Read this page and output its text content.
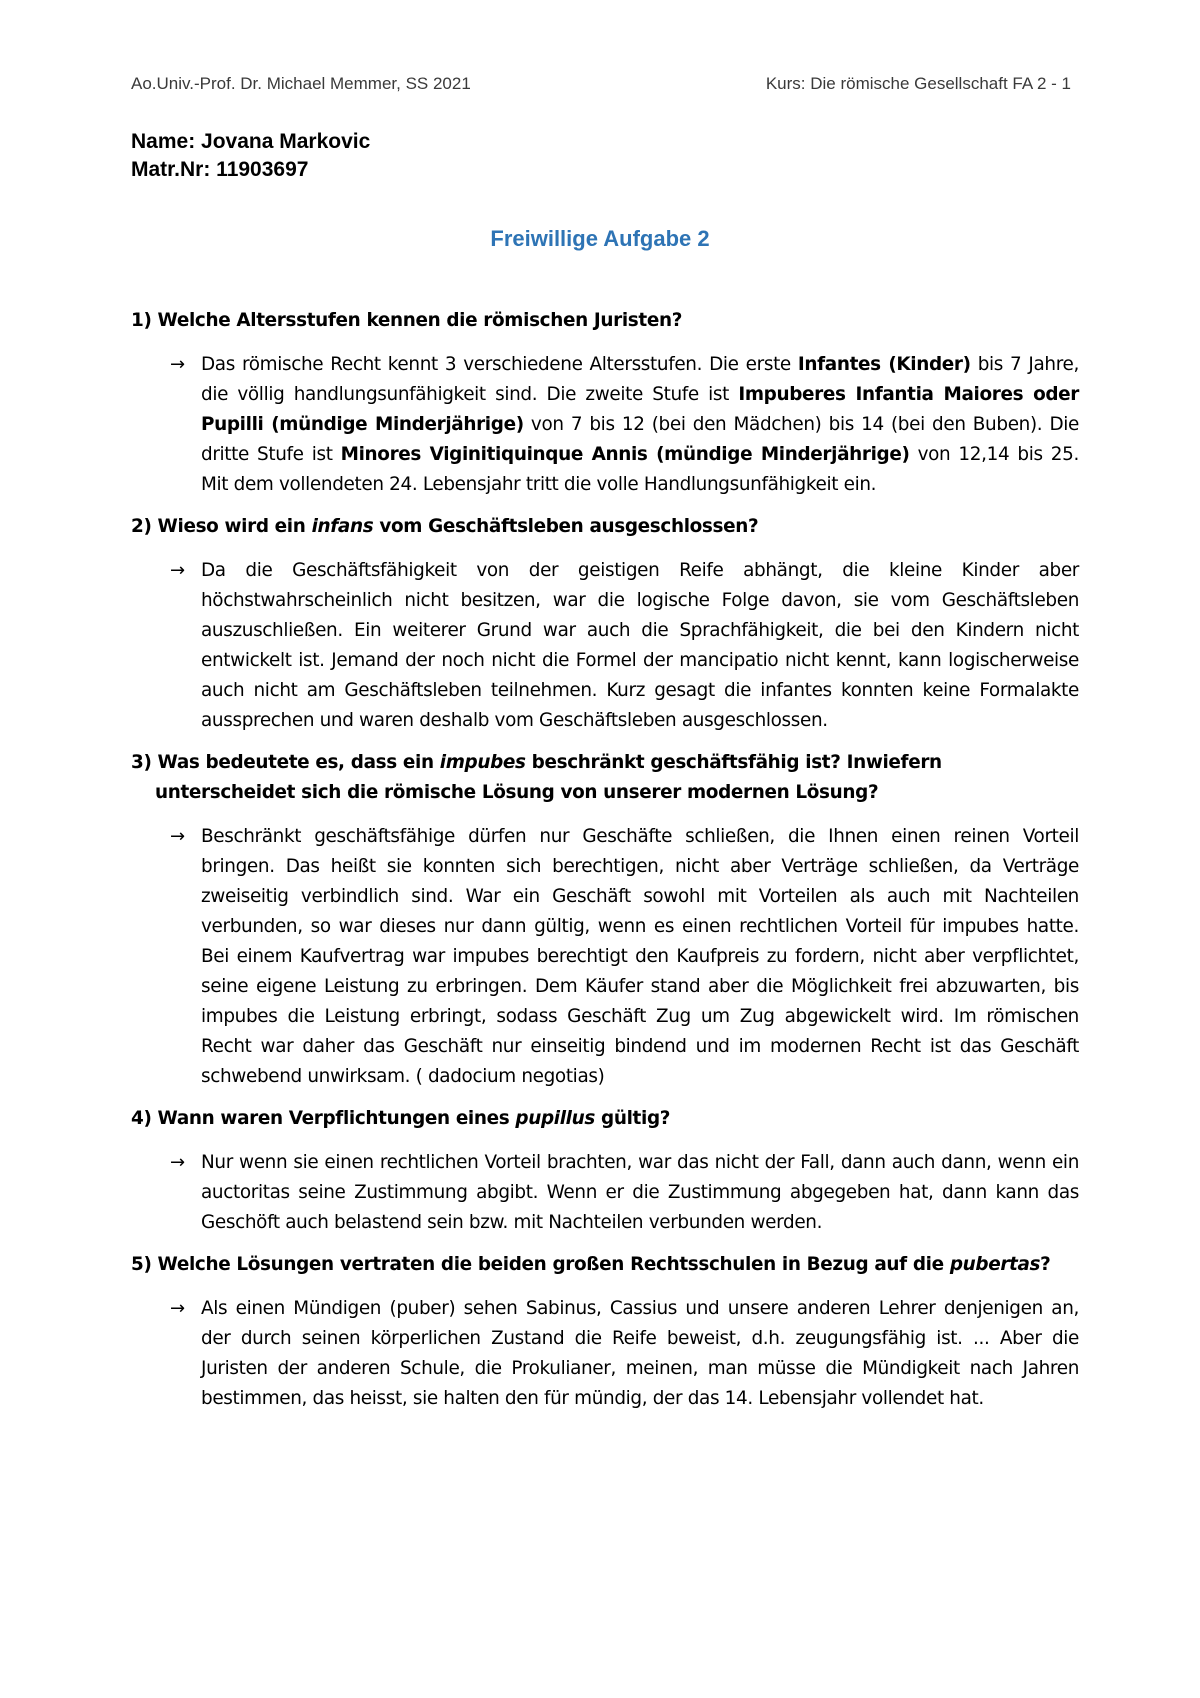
Ao.Univ.-Prof. Dr. Michael Memmer, SS 2021	Kurs: Die römische Gesellschaft FA 2 - 1
Name: Jovana Markovic
Matr.Nr: 11903697
Freiwillige Aufgabe 2
1) Welche Altersstufen kennen die römischen Juristen?
→ Das römische Recht kennt 3 verschiedene Altersstufen. Die erste Infantes (Kinder) bis 7 Jahre, die völlig handlungsunfähigkeit sind. Die zweite Stufe ist Impuberes Infantia Maiores oder Pupilli (mündige Minderjährige) von 7 bis 12 (bei den Mädchen) bis 14 (bei den Buben). Die dritte Stufe ist Minores Viginitiquinque Annis (mündige Minderjährige) von 12,14 bis 25. Mit dem vollendeten 24. Lebensjahr tritt die volle Handlungsunfähigkeit ein.
2) Wieso wird ein infans vom Geschäftsleben ausgeschlossen?
→ Da die Geschäftsfähigkeit von der geistigen Reife abhängt, die kleine Kinder aber höchstwahrscheinlich nicht besitzen, war die logische Folge davon, sie vom Geschäftsleben auszuschließen. Ein weiterer Grund war auch die Sprachfähigkeit, die bei den Kindern nicht entwickelt ist. Jemand der noch nicht die Formel der mancipatio nicht kennt, kann logischerweise auch nicht am Geschäftsleben teilnehmen. Kurz gesagt die infantes konnten keine Formalakte aussprechen und waren deshalb vom Geschäftsleben ausgeschlossen.
3) Was bedeutete es, dass ein impubes beschränkt geschäftsfähig ist? Inwiefern unterscheidet sich die römische Lösung von unserer modernen Lösung?
→ Beschränkt geschäftsfähige dürfen nur Geschäfte schließen, die Ihnen einen reinen Vorteil bringen. Das heißt sie konnten sich berechtigen, nicht aber Verträge schließen, da Verträge zweiseitig verbindlich sind. War ein Geschäft sowohl mit Vorteilen als auch mit Nachteilen verbunden, so war dieses nur dann gültig, wenn es einen rechtlichen Vorteil für impubes hatte. Bei einem Kaufvertrag war impubes berechtigt den Kaufpreis zu fordern, nicht aber verpflichtet, seine eigene Leistung zu erbringen. Dem Käufer stand aber die Möglichkeit frei abzuwarten, bis impubes die Leistung erbringt, sodass Geschäft Zug um Zug abgewickelt wird. Im römischen Recht war daher das Geschäft nur einseitig bindend und im modernen Recht ist das Geschäft schwebend unwirksam. ( dadocium negotias)
4) Wann waren Verpflichtungen eines pupillus gültig?
→ Nur wenn sie einen rechtlichen Vorteil brachten, war das nicht der Fall, dann auch dann, wenn ein auctoritas seine Zustimmung abgibt. Wenn er die Zustimmung abgegeben hat, dann kann das Geschöft auch belastend sein bzw. mit Nachteilen verbunden werden.
5) Welche Lösungen vertraten die beiden großen Rechtsschulen in Bezug auf die pubertas?
→ Als einen Mündigen (puber) sehen Sabinus, Cassius und unsere anderen Lehrer denjenigen an, der durch seinen körperlichen Zustand die Reife beweist, d.h. zeugungsfähig ist. ... Aber die Juristen der anderen Schule, die Prokulianer, meinen, man müsse die Mündigkeit nach Jahren bestimmen, das heisst, sie halten den für mündig, der das 14. Lebensjahr vollendet hat.
